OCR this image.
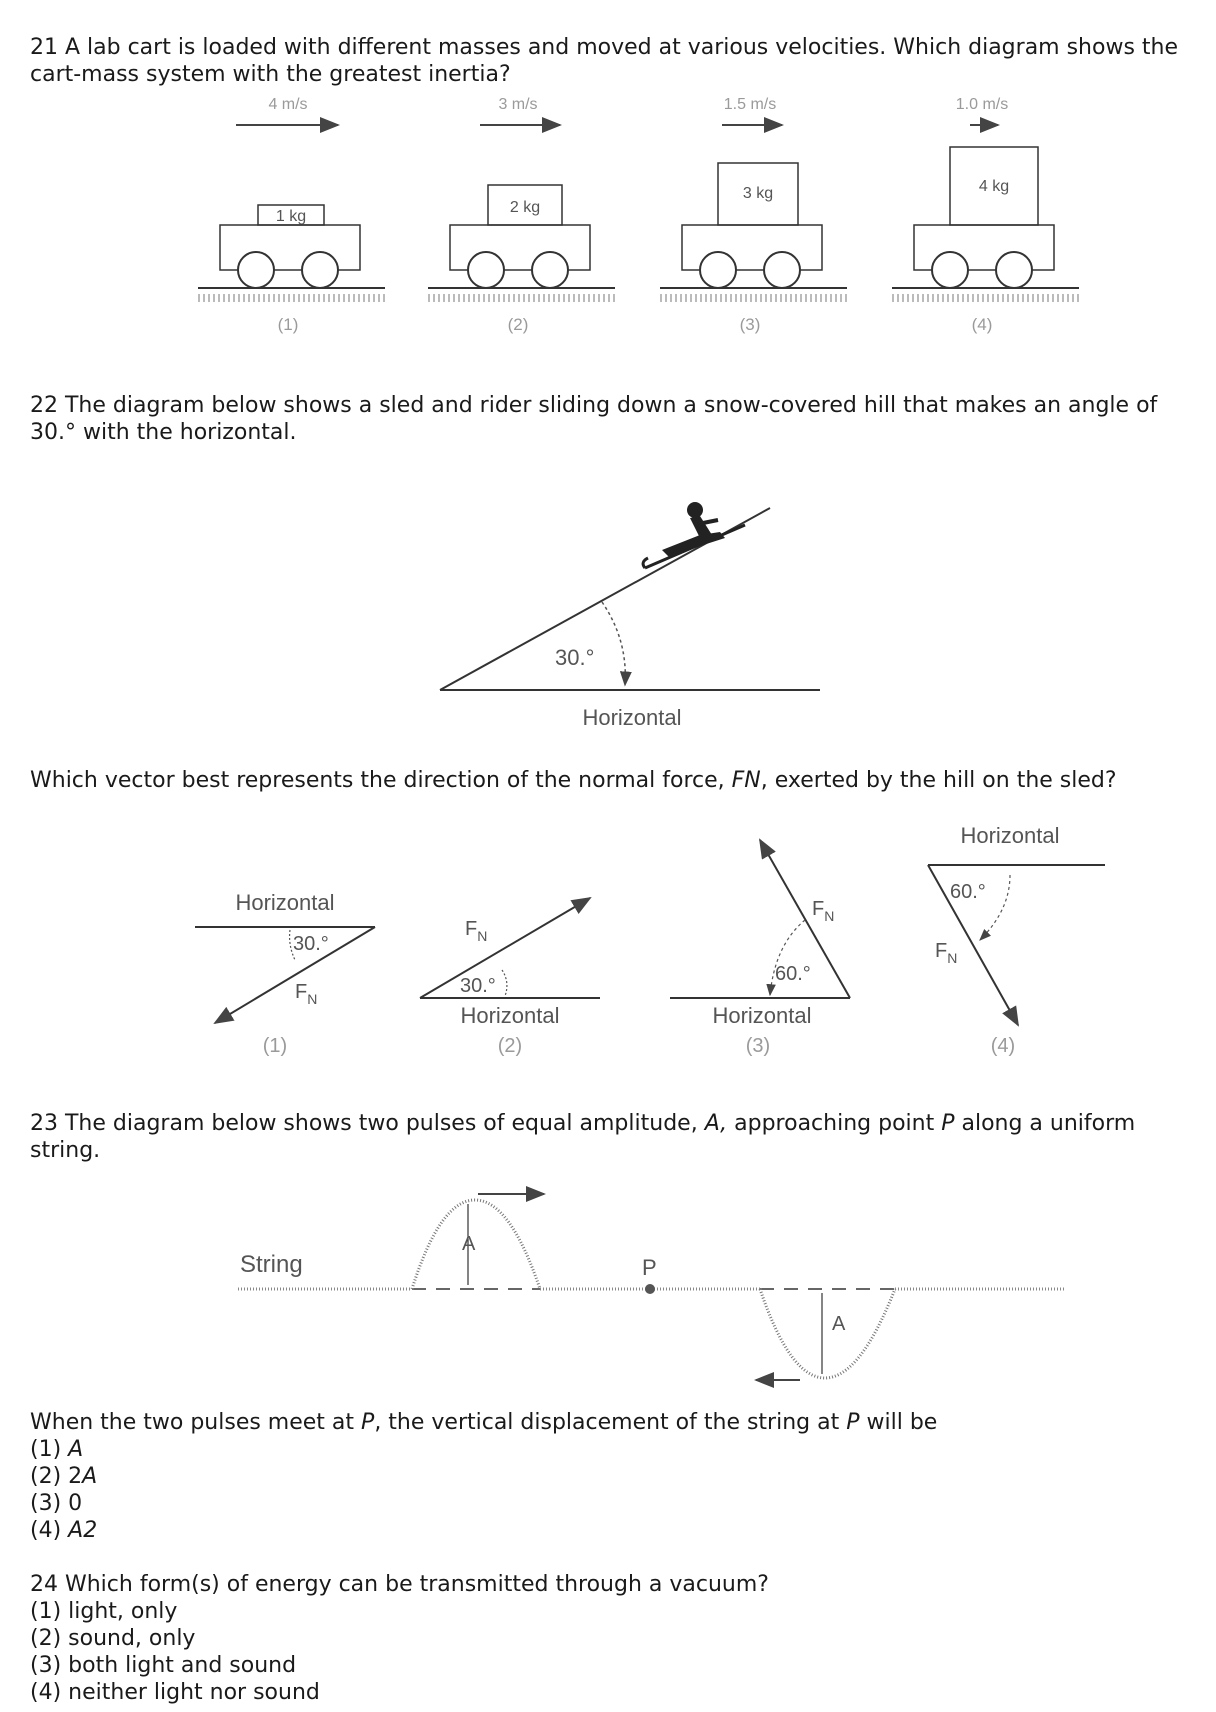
21 A lab cart is loaded with different masses and moved at various velocities. Which diagram shows the
cart-mass system with the greatest inertia?
4 m/s
1 kg
(1)
3 m/s
2 kg
(2)
1.5 m/s
3 kg
(3)
1.0 m/s
4 kg
(4)
22 The diagram below shows a sled and rider sliding down a snow-covered hill that makes an angle of
30.° with the horizontal.
30.°
Horizontal
Which vector best represents the direction of the normal force, FN, exerted by the hill on the sled?
Horizontal
30.°
$F_N$
(1)
30.°
$F_N$
Horizontal
(2)
60.°
$F_N$
Horizontal
(3)
Horizontal
60.°
$F_N$
(4)
23 The diagram below shows two pulses of equal amplitude, A, approaching point P along a uniform
string.
String
A
P
A
When the two pulses meet at P, the vertical displacement of the string at P will be
(1) A
(2) 2A
(3) 0
(4) A2
24 Which form(s) of energy can be transmitted through a vacuum?
(1) light, only
(2) sound, only
(3) both light and sound
(4) neither light nor sound
